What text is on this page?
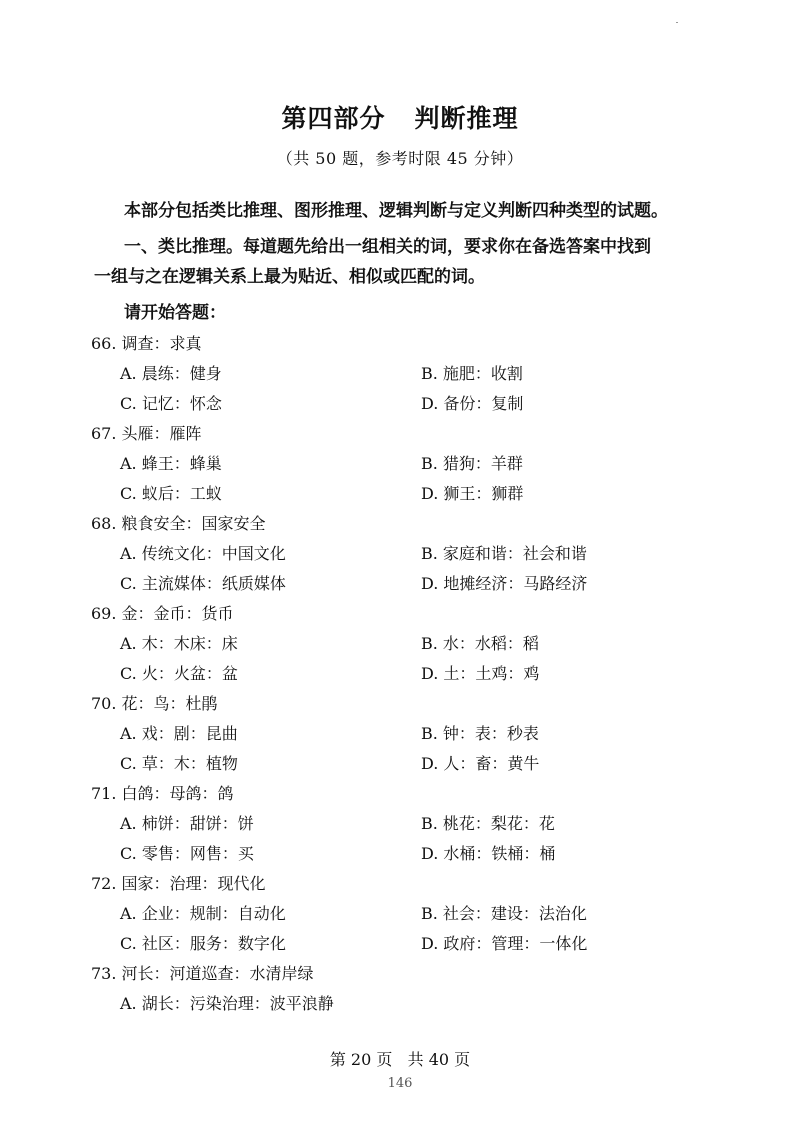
第四部分   判断推理
（共 50 题，参考时限 45 分钟）
本部分包括类比推理、图形推理、逻辑判断与定义判断四种类型的试题。
一、类比推理。每道题先给出一组相关的词，要求你在备选答案中找到
一组与之在逻辑关系上最为贴近、相似或匹配的词。
请开始答题：
66. 调查：求真
A. 晨练：健身	B. 施肥：收割
C. 记忆：怀念	D. 备份：复制
67. 头雁：雁阵
A. 蜂王：蜂巢	B. 猎狗：羊群
C. 蚁后：工蚁	D. 狮王：狮群
68. 粮食安全：国家安全
A. 传统文化：中国文化	B. 家庭和谐：社会和谐
C. 主流媒体：纸质媒体	D. 地摊经济：马路经济
69. 金：金币：货币
A. 木：木床：床	B. 水：水稻：稻
C. 火：火盆：盆	D. 土：土鸡：鸡
70. 花：鸟：杜鹃
A. 戏：剧：昆曲	B. 钟：表：秒表
C. 草：木：植物	D. 人：畜：黄牛
71. 白鸽：母鸽：鸽
A. 柿饼：甜饼：饼	B. 桃花：梨花：花
C. 零售：网售：买	D. 水桶：铁桶：桶
72. 国家：治理：现代化
A. 企业：规制：自动化	B. 社会：建设：法治化
C. 社区：服务：数字化	D. 政府：管理：一体化
73. 河长：河道巡查：水清岸绿
A. 湖长：污染治理：波平浪静
第 20 页   共 40 页
146
